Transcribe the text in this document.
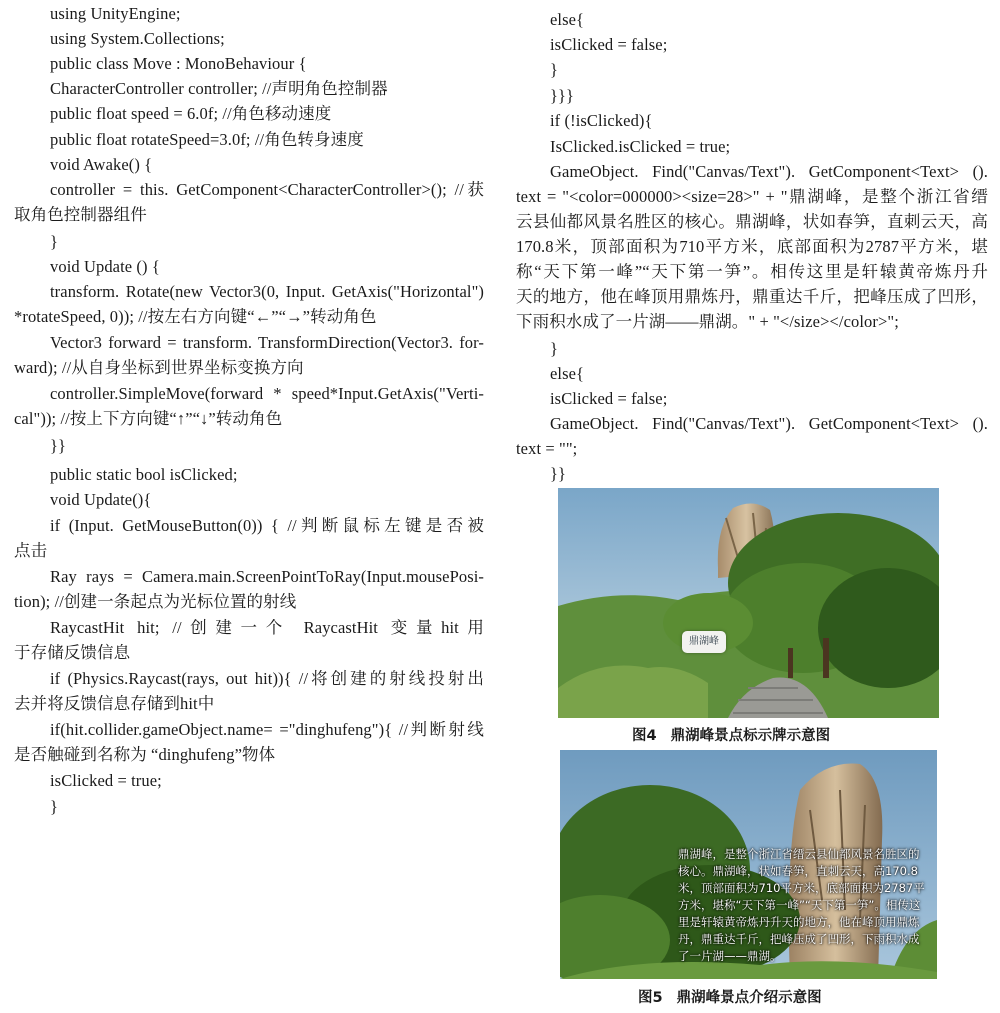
using UnityEngine;
using System.Collections;
public class Move : MonoBehaviour {
CharacterController controller; //声明角色控制器
public float speed = 6.0f; //角色移动速度
public float rotateSpeed=3.0f; //角色转身速度
void Awake() {
controller = this. GetComponent<CharacterController>(); //获
取角色控制器组件
}
void Update () {
transform. Rotate(new Vector3(0, Input. GetAxis("Horizontal")
*rotateSpeed, 0)); //按左右方向键“←”“→”转动角色
Vector3 forward = transform. TransformDirection(Vector3. for-
ward); //从自身坐标到世界坐标变换方向
controller.SimpleMove(forward * speed*Input.GetAxis("Verti-
cal")); //按上下方向键“↑”“↓”转动角色
}}
public static bool isClicked;
void Update(){
if (Input. GetMouseButton(0)) { //判断鼠标左键是否被
点击
Ray rays = Camera.main.ScreenPointToRay(Input.mousePosi-
tion); //创建一条起点为光标位置的射线
RaycastHit hit; //创建一个 RaycastHit 变量hit用
于存储反馈信息
if (Physics.Raycast(rays, out hit)){ //将创建的射线投射出
去并将反馈信息存储到hit中
if(hit.collider.gameObject.name= ="dinghufeng"){ //判断射线
是否触碰到名称为 “dinghufeng”物体
isClicked = true;
}
else{
isClicked = false;
}
}}}
if (!isClicked){
IsClicked.isClicked = true;
GameObject. Find("Canvas/Text"). GetComponent<Text> ().
text = "<color=000000><size=28>" + "鼎湖峰，是整个浙江省缙
云县仙都风景名胜区的核心。鼎湖峰，状如春笋，直刺云天，高
170.8米，顶部面积为710平方米，底部面积为2787平方米，堪
称“天下第一峰”“天下第一笋”。相传这里是轩辕黄帝炼丹升
天的地方，他在峰顶用鼎炼丹，鼎重达千斤，把峰压成了凹形，
下雨积水成了一片湖——鼎湖。" + "</size></color>";
}
else{
isClicked = false;
GameObject. Find("Canvas/Text"). GetComponent<Text> ().
text = "";
}}
鼎湖峰
图4 鼎湖峰景点标示牌示意图
鼎湖峰，是整个浙江省缙云县仙都风景名胜区的核心。鼎湖峰，状如春笋，直刺云天，高170.8米，顶部面积为710平方米，底部面积为2787平方米，堪称“天下第一峰”“天下第一笋”。相传这里是轩辕黄帝炼丹升天的地方，他在峰顶用鼎炼丹，鼎重达千斤，把峰压成了凹形，下雨积水成了一片湖——鼎湖。
图5 鼎湖峰景点介绍示意图
